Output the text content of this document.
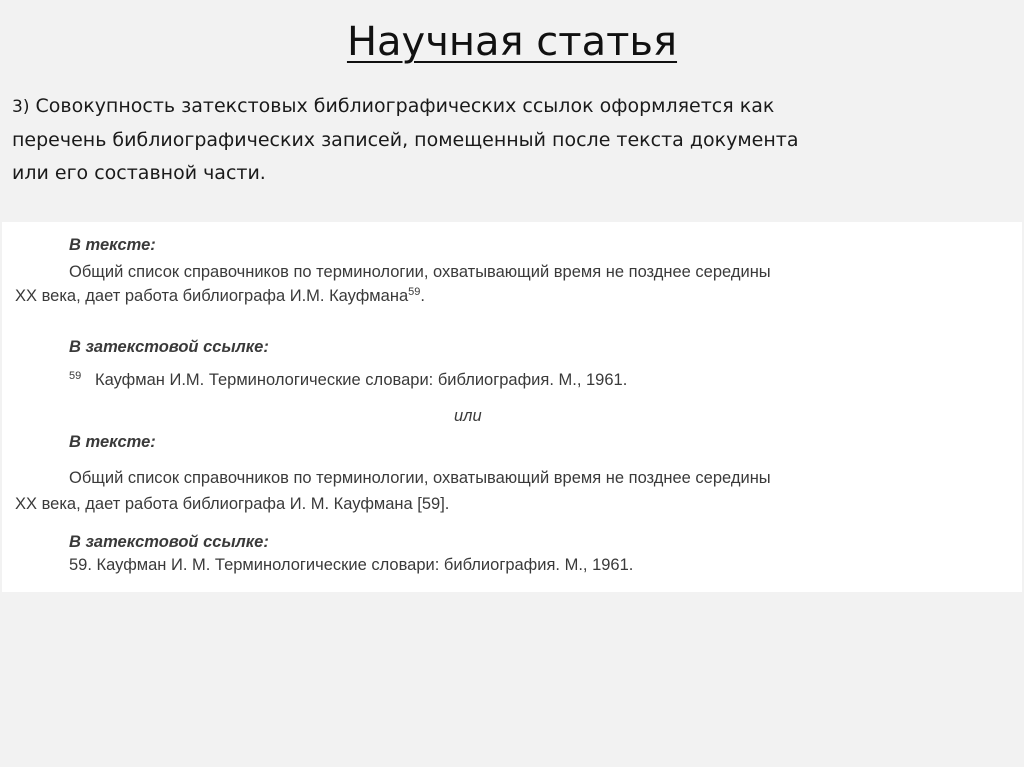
Научная статья
3) Совокупность затекстовых библиографических ссылок оформляется как
перечень библиографических записей, помещенный после текста документа
или его составной части.
В тексте:
Общий список справочников по терминологии, охватывающий время не позднее середины
XX века, дает работа библиографа И.М. Кауфмана$^{59}$.
В затекстовой ссылке:
$^{59}$ Кауфман И.М. Терминологические словари: библиография. М., 1961.
или
В тексте:
Общий список справочников по терминологии, охватывающий время не позднее середины
XX века, дает работа библиографа И. М. Кауфмана [59].
В затекстовой ссылке:
59. Кауфман И. М. Терминологические словари: библиография. М., 1961.
